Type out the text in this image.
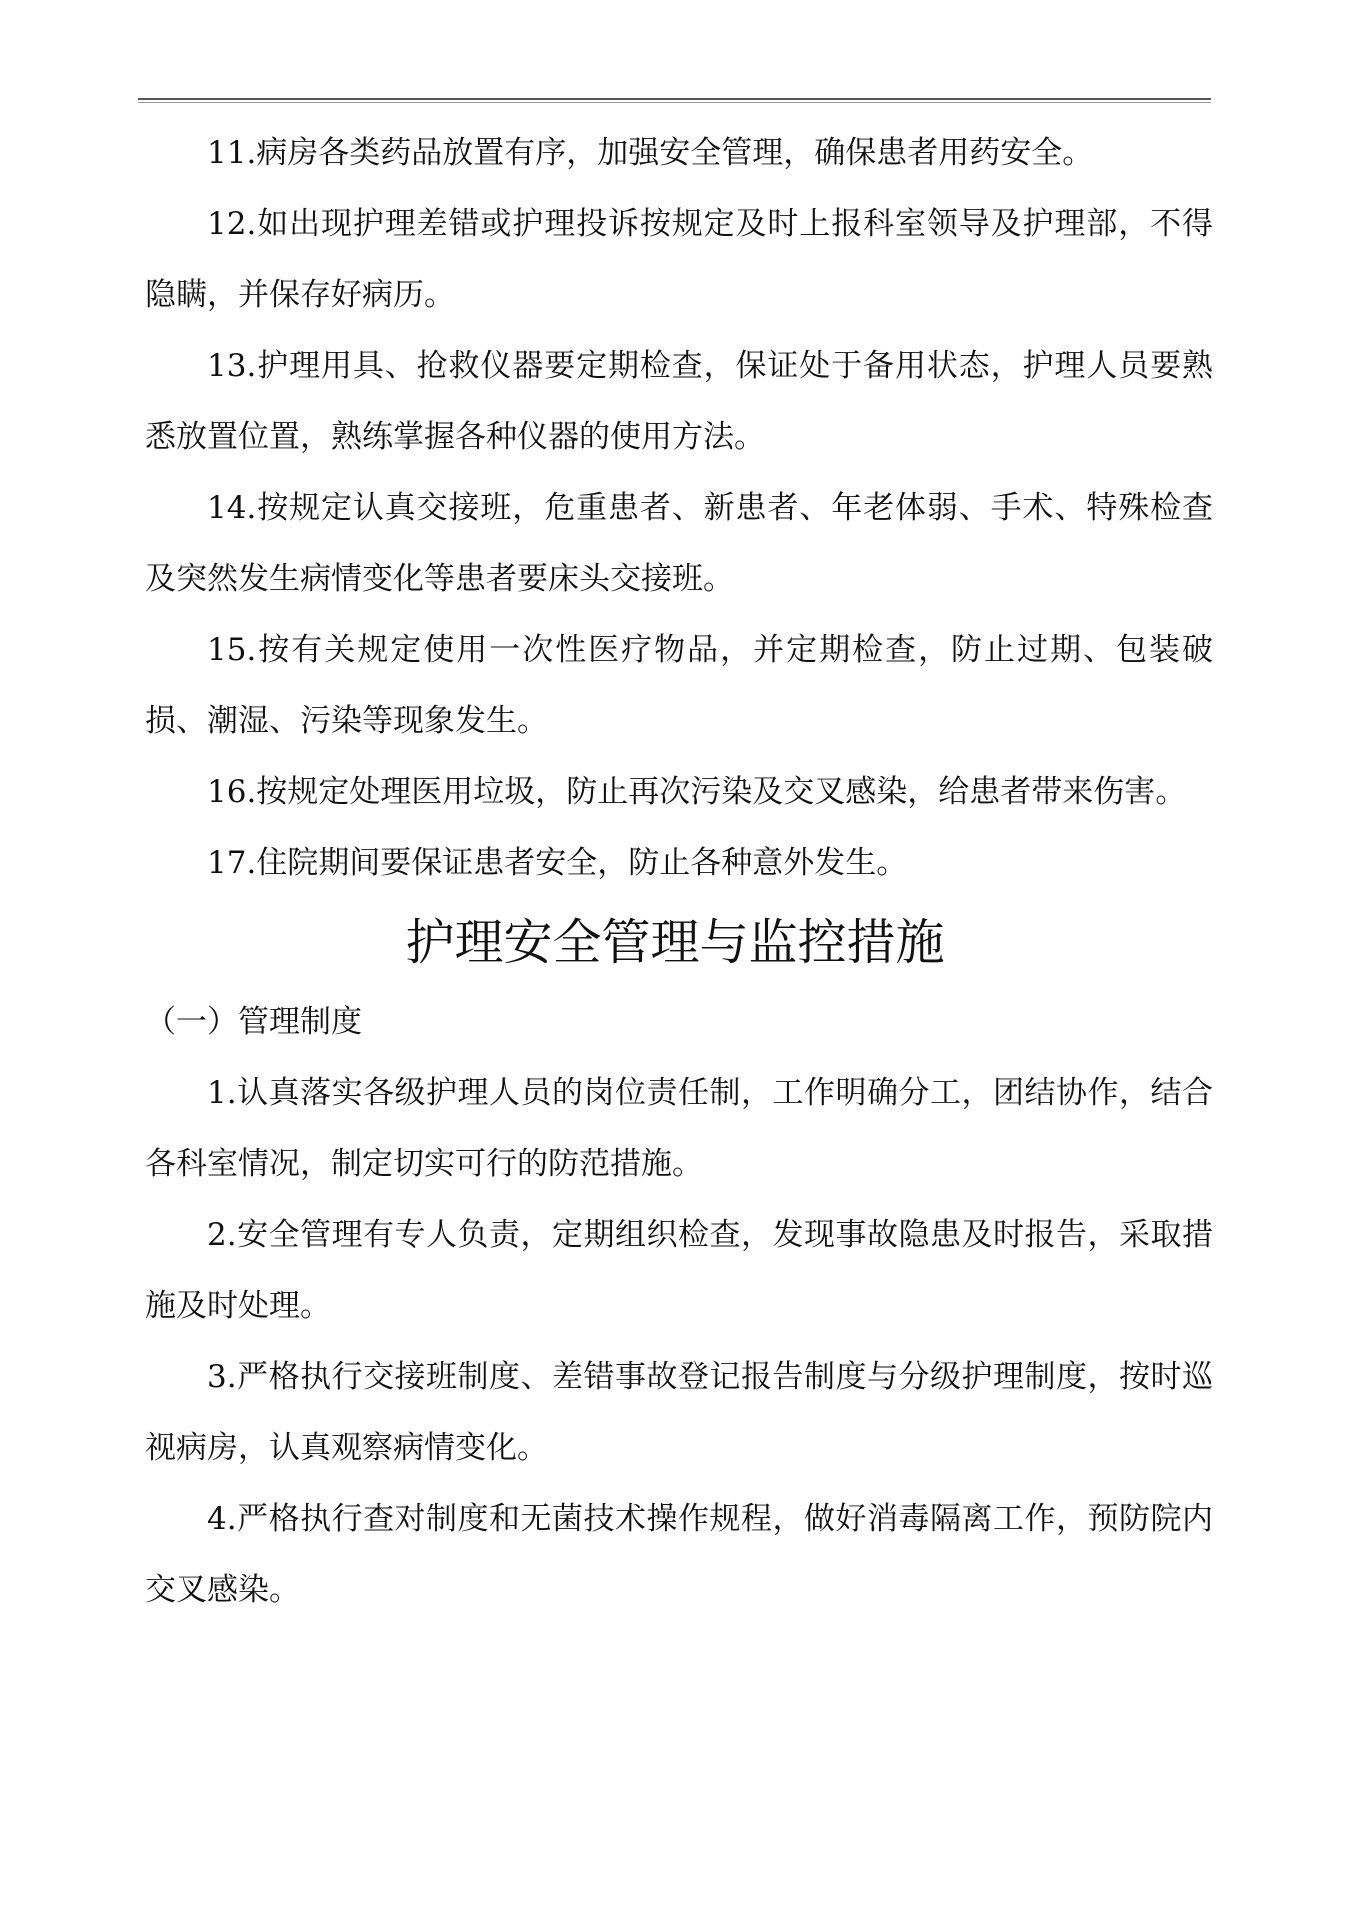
11.病房各类药品放置有序，加强安全管理，确保患者用药安全。

12.如出现护理差错或护理投诉按规定及时上报科室领导及护理部，不得隐瞒，并保存好病历。

13.护理用具、抢救仪器要定期检查，保证处于备用状态，护理人员要熟悉放置位置，熟练掌握各种仪器的使用方法。

14.按规定认真交接班，危重患者、新患者、年老体弱、手术、特殊检查及突然发生病情变化等患者要床头交接班。

15.按有关规定使用一次性医疗物品，并定期检查，防止过期、包装破损、潮湿、污染等现象发生。

16.按规定处理医用垃圾，防止再次污染及交叉感染，给患者带来伤害。

17.住院期间要保证患者安全，防止各种意外发生。

护理安全管理与监控措施

（一）管理制度

1.认真落实各级护理人员的岗位责任制，工作明确分工，团结协作，结合各科室情况，制定切实可行的防范措施。

2.安全管理有专人负责，定期组织检查，发现事故隐患及时报告，采取措施及时处理。

3.严格执行交接班制度、差错事故登记报告制度与分级护理制度，按时巡视病房，认真观察病情变化。

4.严格执行查对制度和无菌技术操作规程，做好消毒隔离工作，预防院内交叉感染。
